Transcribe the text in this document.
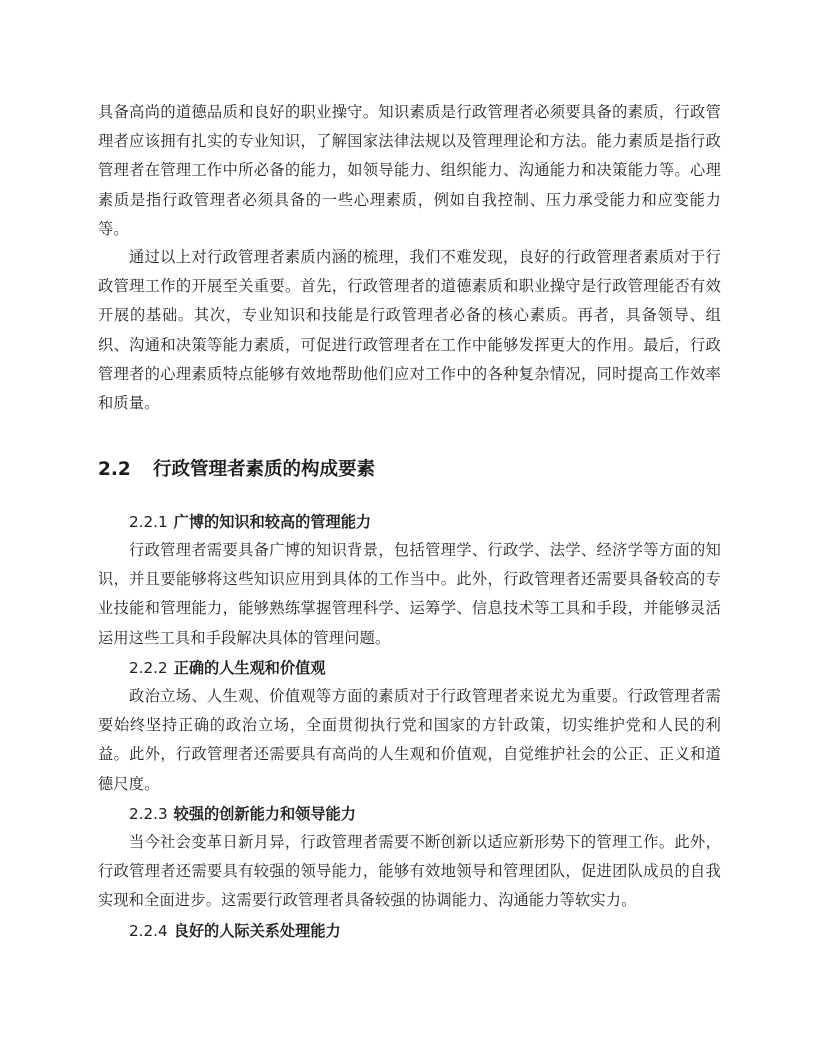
具备高尚的道德品质和良好的职业操守。知识素质是行政管理者必须要具备的素质，行政管理者应该拥有扎实的专业知识，了解国家法律法规以及管理理论和方法。能力素质是指行政管理者在管理工作中所必备的能力，如领导能力、组织能力、沟通能力和决策能力等。心理素质是指行政管理者必须具备的一些心理素质，例如自我控制、压力承受能力和应变能力等。
通过以上对行政管理者素质内涵的梳理，我们不难发现，良好的行政管理者素质对于行政管理工作的开展至关重要。首先，行政管理者的道德素质和职业操守是行政管理能否有效开展的基础。其次，专业知识和技能是行政管理者必备的核心素质。再者，具备领导、组织、沟通和决策等能力素质，可促进行政管理者在工作中能够发挥更大的作用。最后，行政管理者的心理素质特点能够有效地帮助他们应对工作中的各种复杂情况，同时提高工作效率和质量。
2.2 行政管理者素质的构成要素
2.2.1 广博的知识和较高的管理能力
行政管理者需要具备广博的知识背景，包括管理学、行政学、法学、经济学等方面的知识，并且要能够将这些知识应用到具体的工作当中。此外，行政管理者还需要具备较高的专业技能和管理能力，能够熟练掌握管理科学、运筹学、信息技术等工具和手段，并能够灵活运用这些工具和手段解决具体的管理问题。
2.2.2 正确的人生观和价值观
政治立场、人生观、价值观等方面的素质对于行政管理者来说尤为重要。行政管理者需要始终坚持正确的政治立场，全面贯彻执行党和国家的方针政策，切实维护党和人民的利益。此外，行政管理者还需要具有高尚的人生观和价值观，自觉维护社会的公正、正义和道德尺度。
2.2.3 较强的创新能力和领导能力
当今社会变革日新月异，行政管理者需要不断创新以适应新形势下的管理工作。此外，行政管理者还需要具有较强的领导能力，能够有效地领导和管理团队，促进团队成员的自我实现和全面进步。这需要行政管理者具备较强的协调能力、沟通能力等软实力。
2.2.4 良好的人际关系处理能力
